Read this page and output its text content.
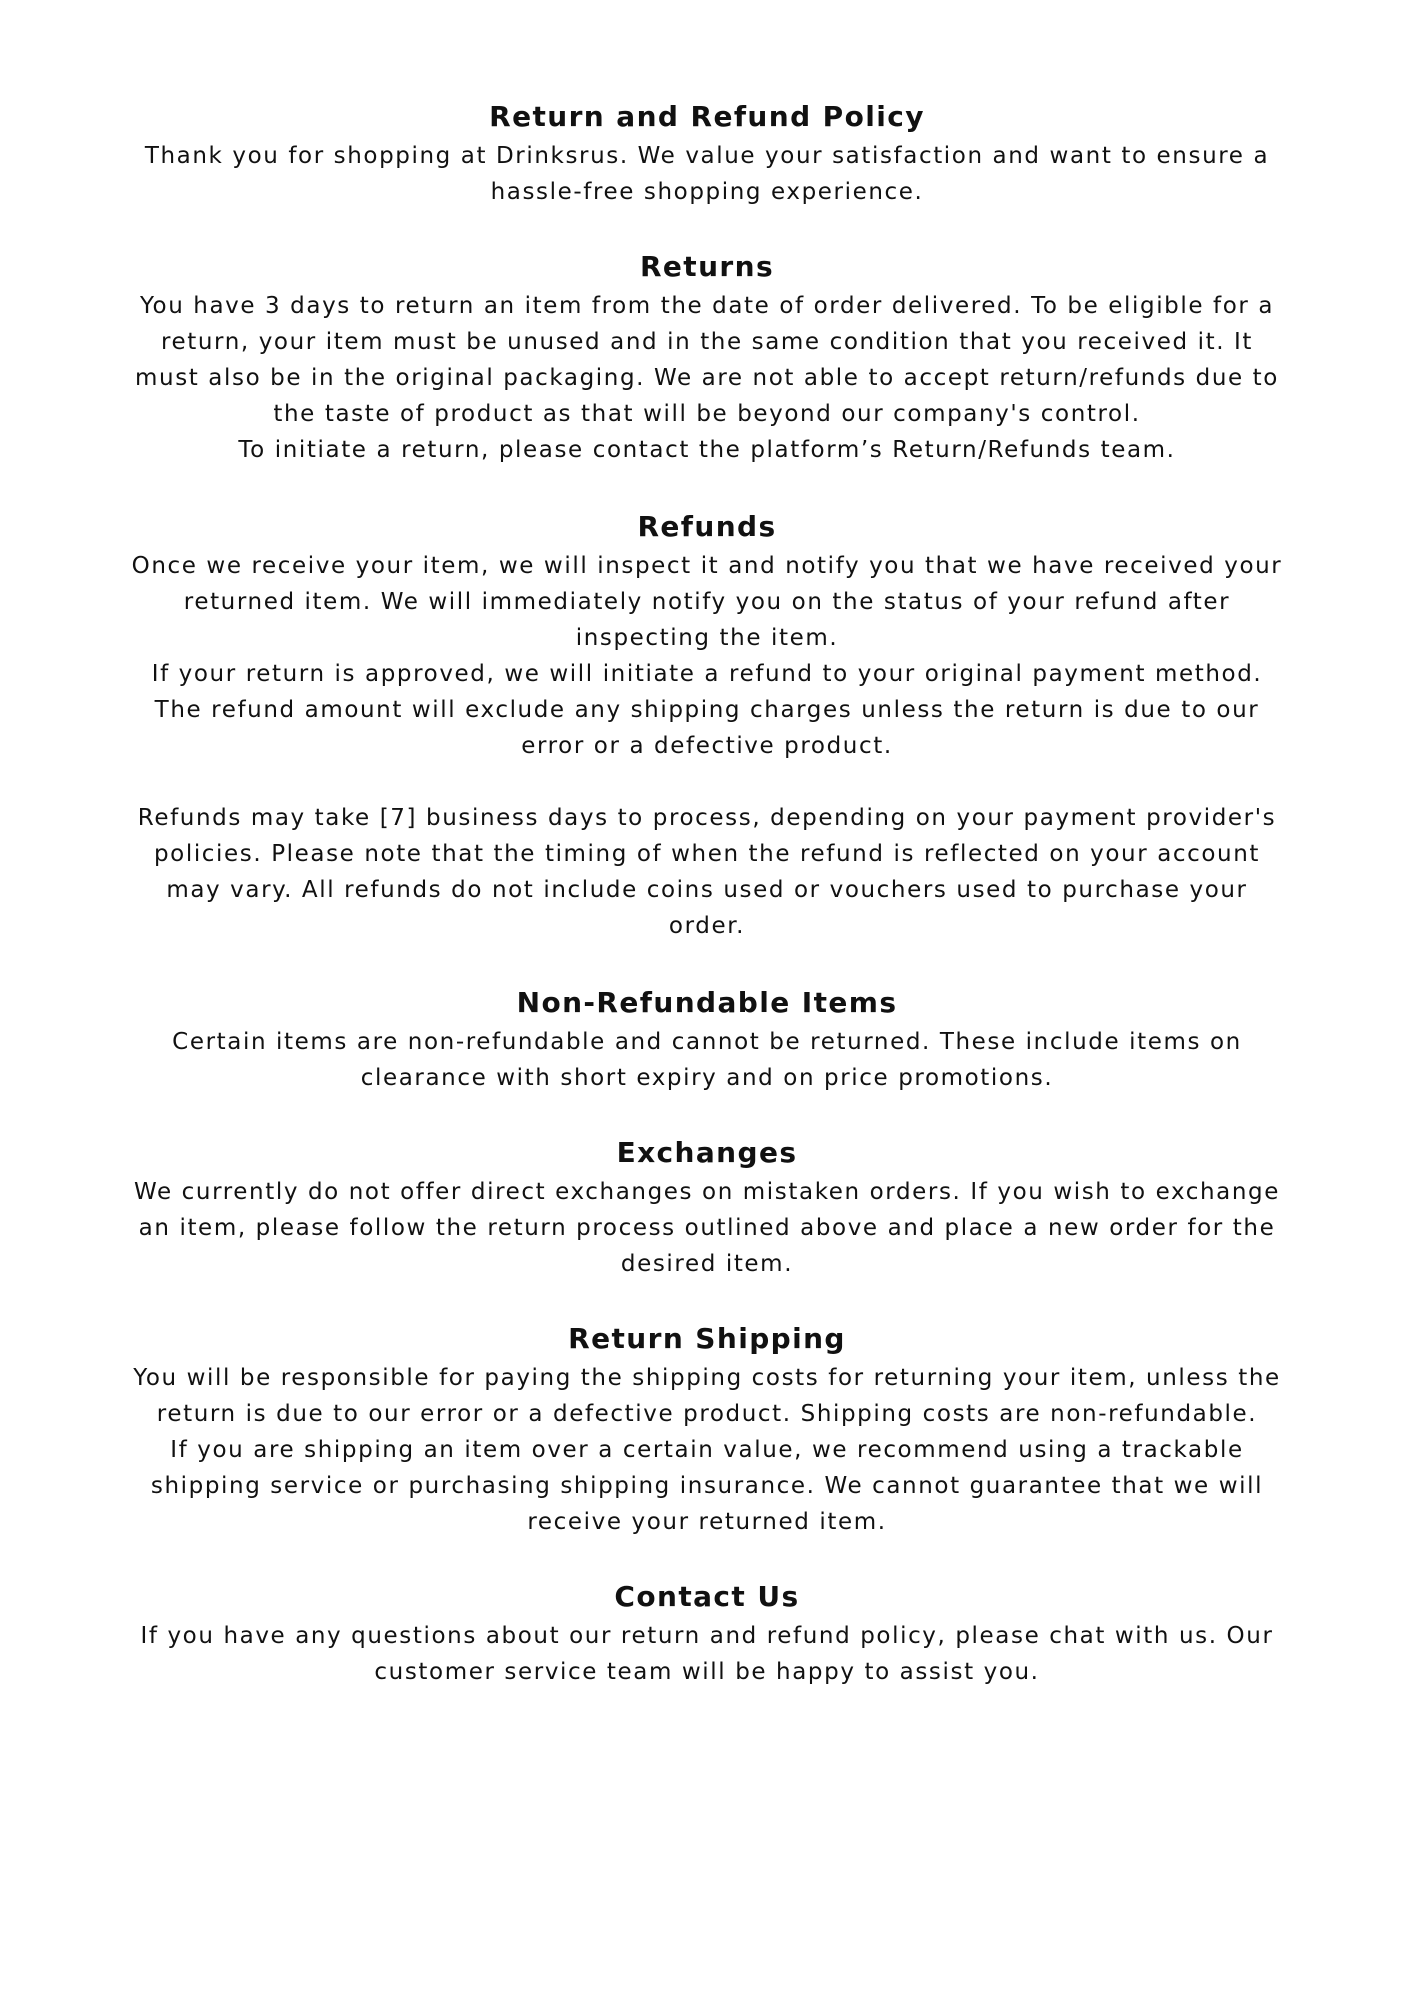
Return and Refund Policy

Thank you for shopping at Drinksrus. We value your satisfaction and want to ensure a
hassle-free shopping experience.

Returns

You have 3 days to return an item from the date of order delivered. To be eligible for a
return, your item must be unused and in the same condition that you received it. It
must also be in the original packaging. We are not able to accept return/refunds due to
the taste of product as that will be beyond our company's control.
To initiate a return, please contact the platform’s Return/Refunds team.

Refunds

Once we receive your item, we will inspect it and notify you that we have received your
returned item. We will immediately notify you on the status of your refund after
inspecting the item.
If your return is approved, we will initiate a refund to your original payment method.
The refund amount will exclude any shipping charges unless the return is due to our
error or a defective product.

Refunds may take [7] business days to process, depending on your payment provider's
policies. Please note that the timing of when the refund is reflected on your account
may vary. All refunds do not include coins used or vouchers used to purchase your
order.

Non-Refundable Items

Certain items are non-refundable and cannot be returned. These include items on
clearance with short expiry and on price promotions.

Exchanges

We currently do not offer direct exchanges on mistaken orders. If you wish to exchange
an item, please follow the return process outlined above and place a new order for the
desired item.

Return Shipping

You will be responsible for paying the shipping costs for returning your item, unless the
return is due to our error or a defective product. Shipping costs are non-refundable.
If you are shipping an item over a certain value, we recommend using a trackable
shipping service or purchasing shipping insurance. We cannot guarantee that we will
receive your returned item.

Contact Us

If you have any questions about our return and refund policy, please chat with us. Our
customer service team will be happy to assist you.
